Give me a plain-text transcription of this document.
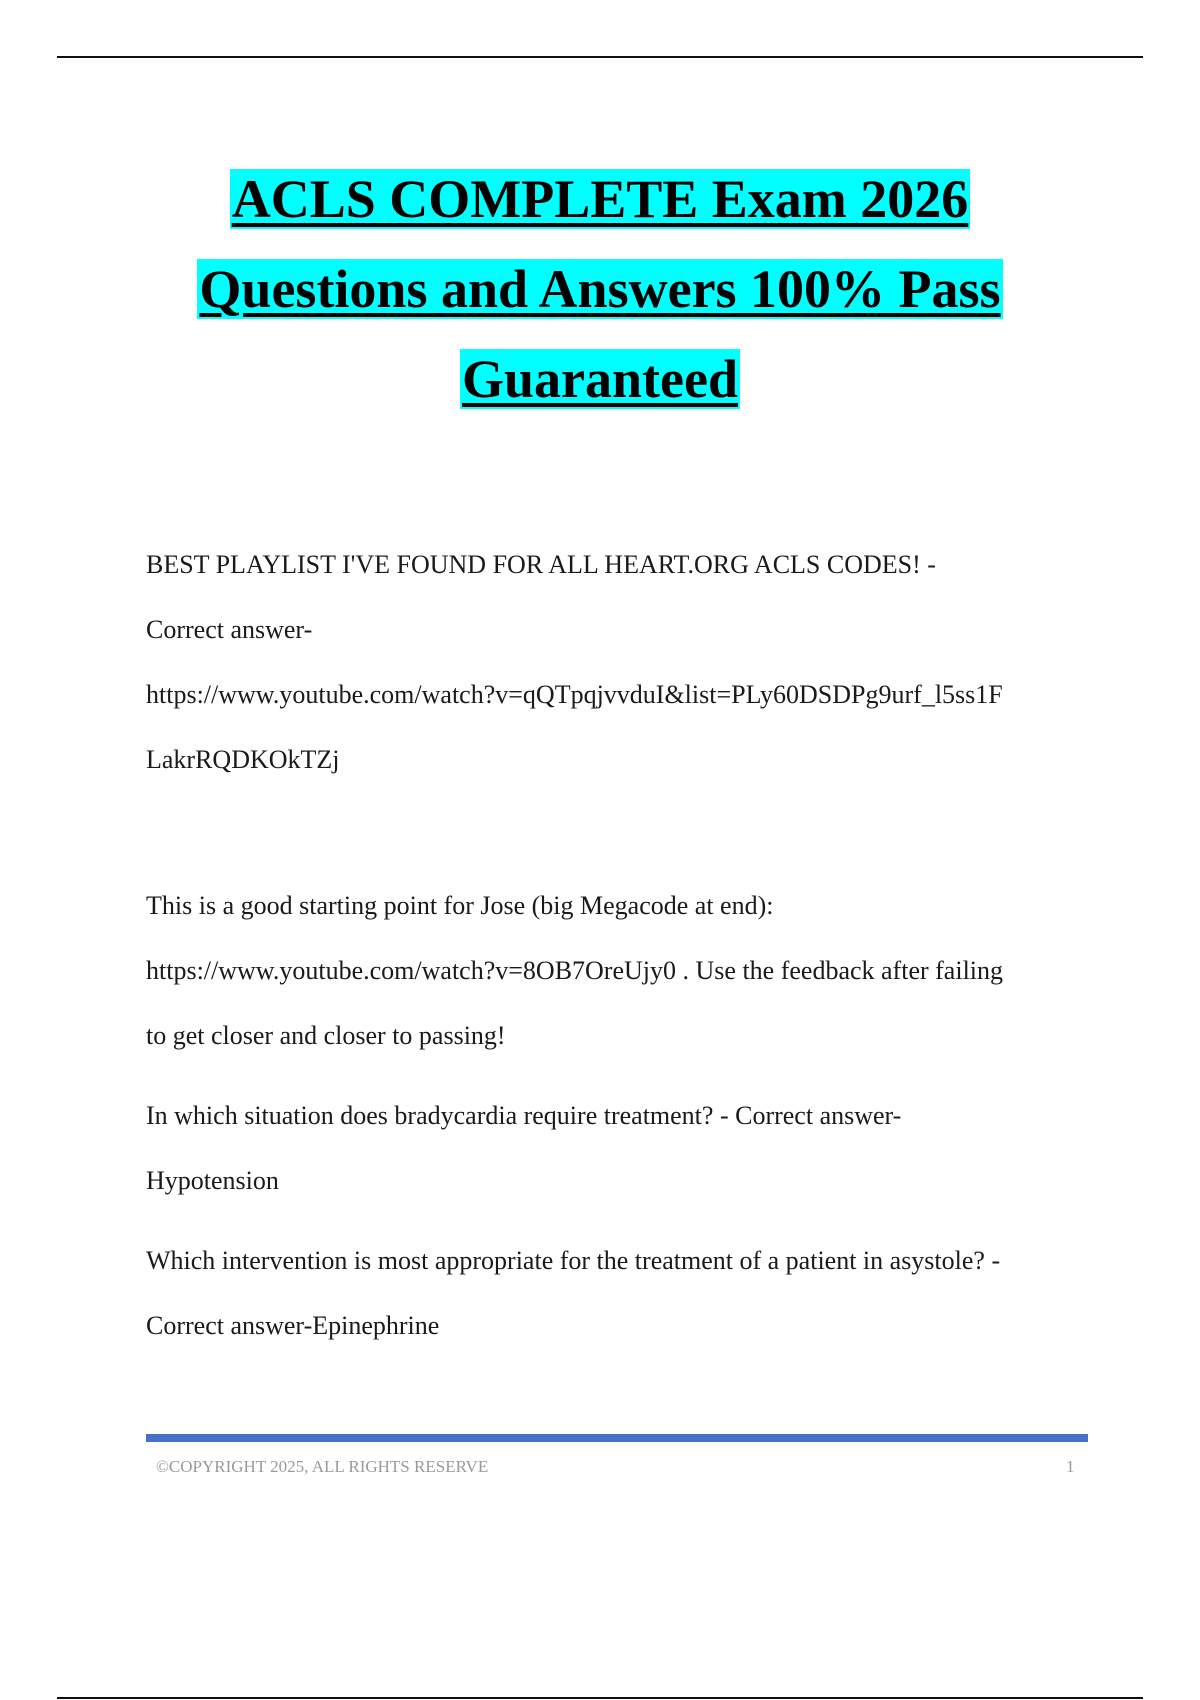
ACLS COMPLETE Exam 2026
Questions and Answers 100% Pass
Guaranteed

BEST PLAYLIST I'VE FOUND FOR ALL HEART.ORG ACLS CODES! -

Correct answer-

https://www.youtube.com/watch?v=qQTpqjvvduI&list=PLy60DSDPg9urf_l5ss1F

LakrRQDKOkTZj

This is a good starting point for Jose (big Megacode at end):

https://www.youtube.com/watch?v=8OB7OreUjy0 . Use the feedback after failing

to get closer and closer to passing!

In which situation does bradycardia require treatment? - Correct answer-

Hypotension

Which intervention is most appropriate for the treatment of a patient in asystole? -

Correct answer-Epinephrine

©COPYRIGHT 2025, ALL RIGHTS RESERVE	1
